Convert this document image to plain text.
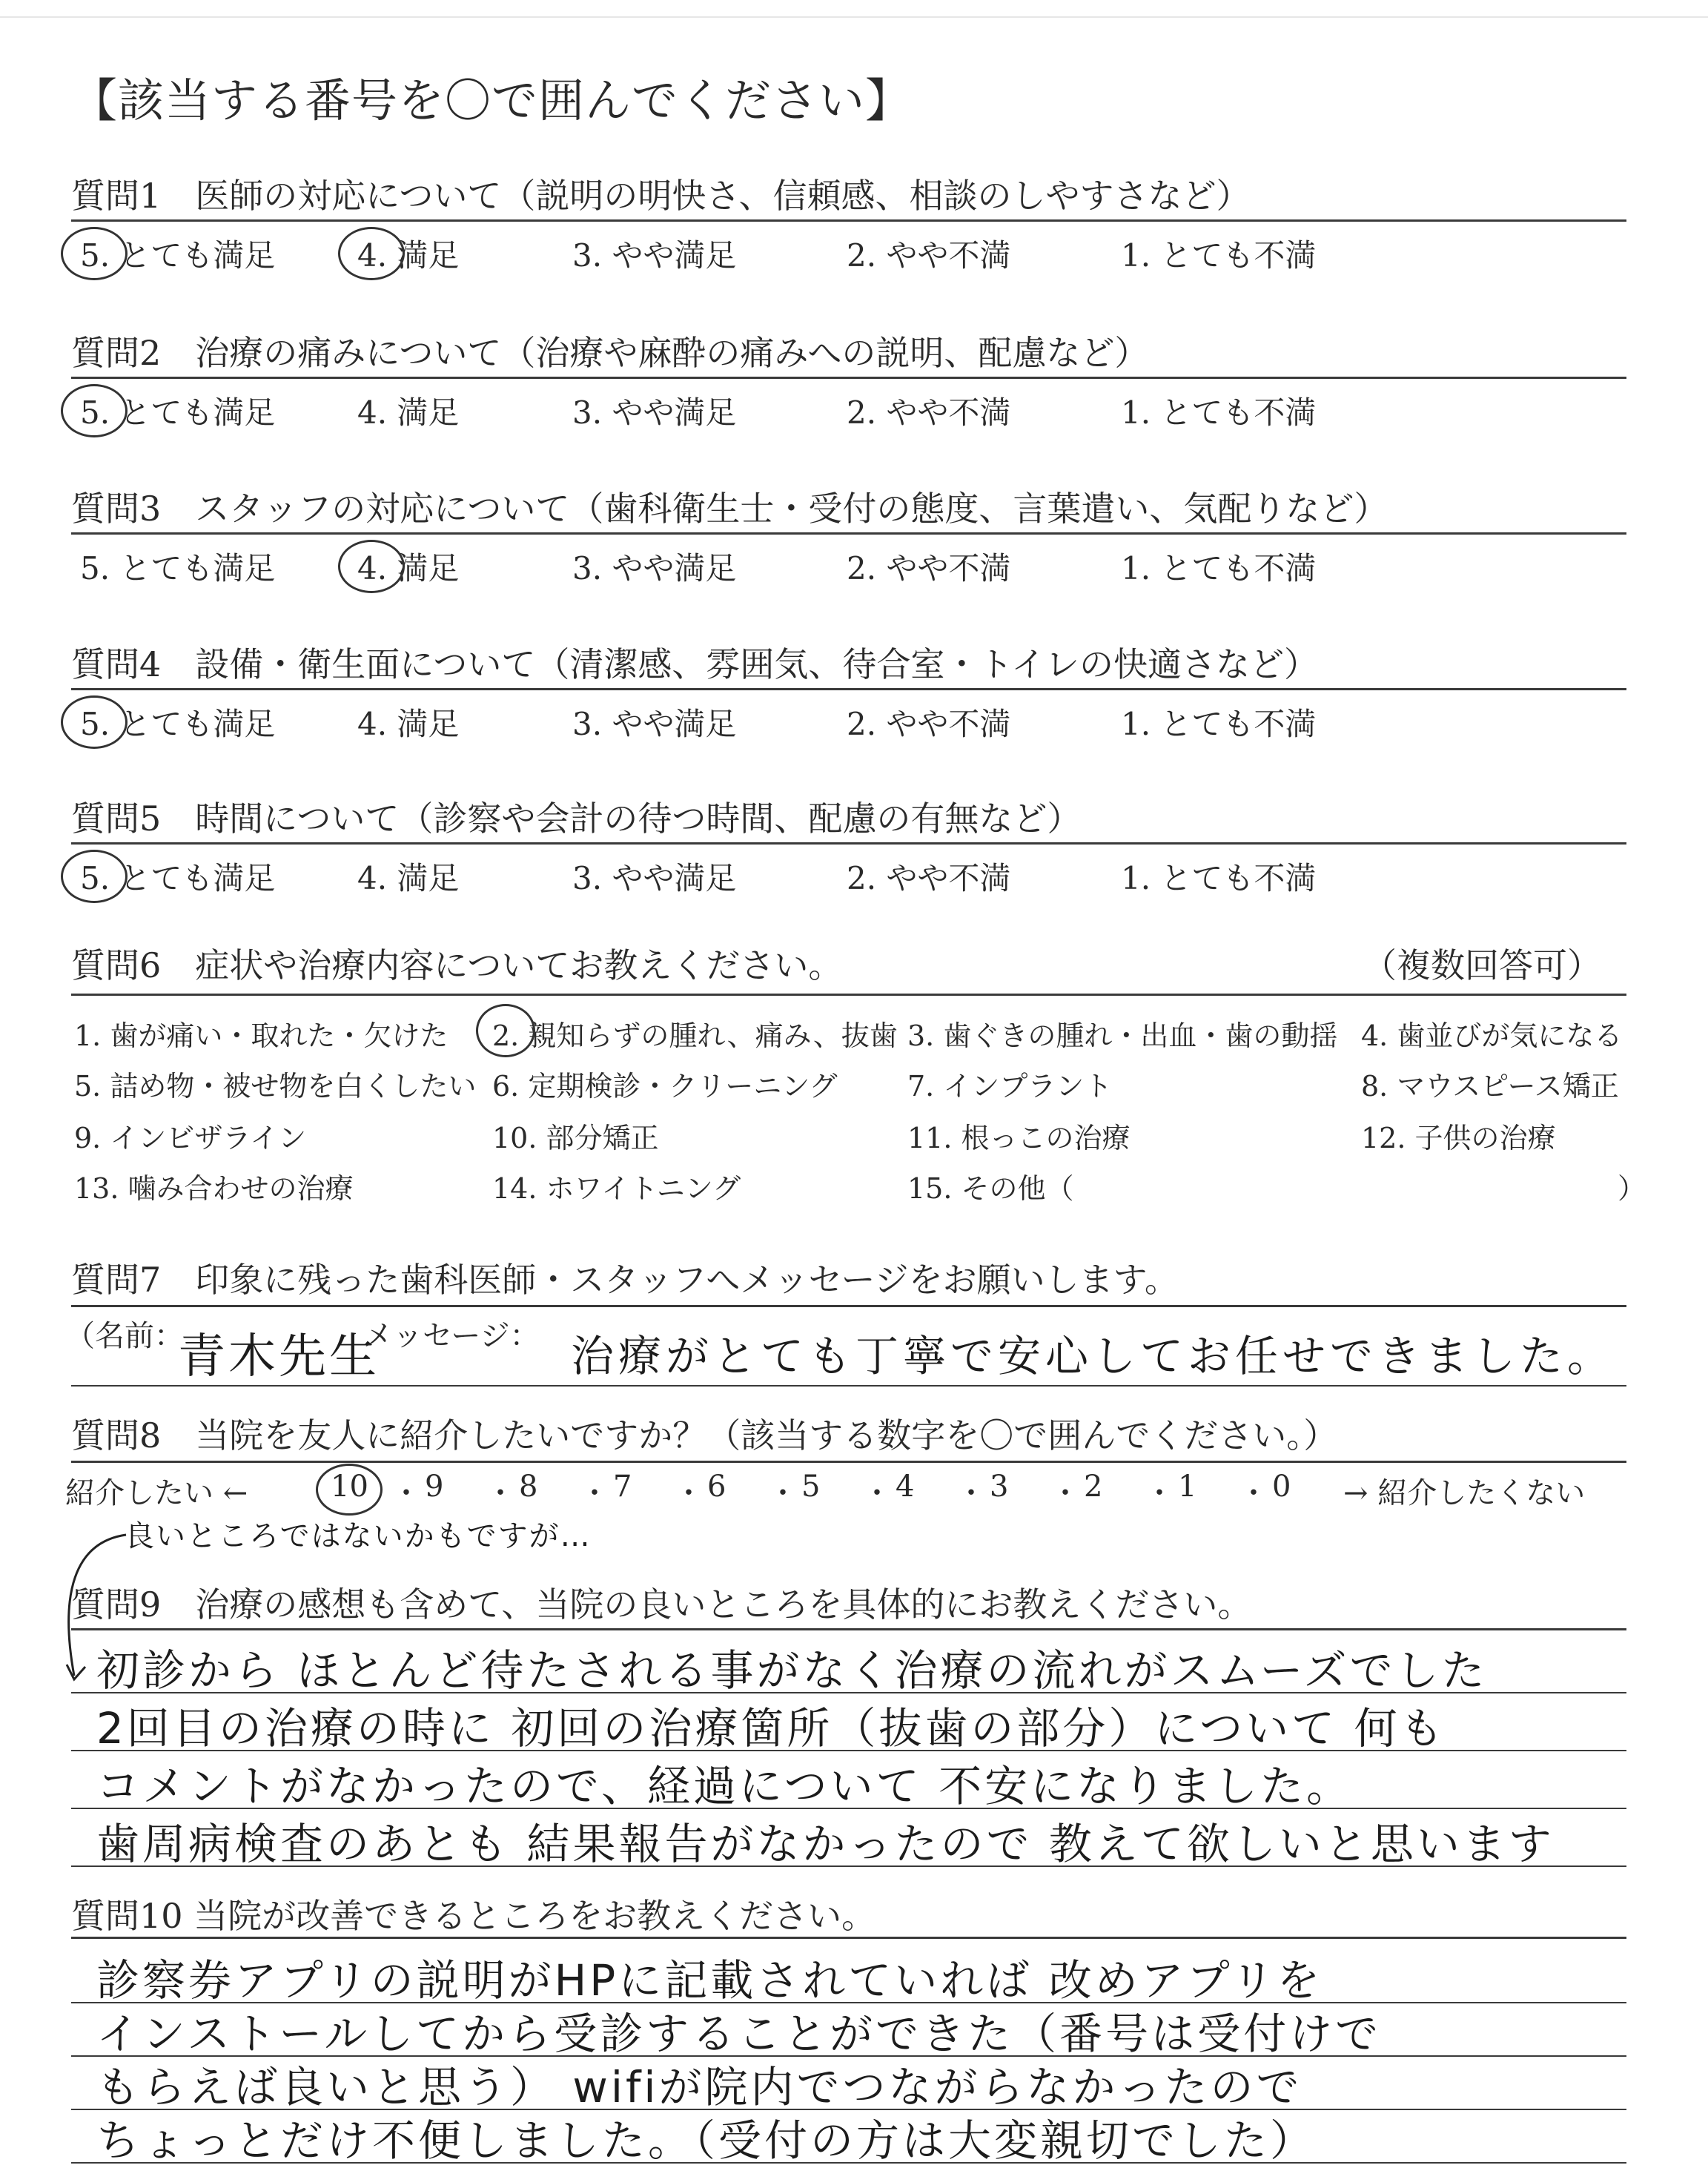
【該当する番号を〇で囲んでください】
質問1　医師の対応について（説明の明快さ、信頼感、相談のしやすさなど）
5. とても満足	4. 満足	3. やや満足	2. やや不満	1. とても不満
質問2　治療の痛みについて（治療や麻酔の痛みへの説明、配慮など）
5. とても満足	4. 満足	3. やや満足	2. やや不満	1. とても不満
質問3　スタッフの対応について（歯科衛生士・受付の態度、言葉遣い、気配りなど）
5. とても満足	4. 満足	3. やや満足	2. やや不満	1. とても不満
質問4　設備・衛生面について（清潔感、雰囲気、待合室・トイレの快適さなど）
5. とても満足	4. 満足	3. やや満足	2. やや不満	1. とても不満
質問5　時間について（診察や会計の待つ時間、配慮の有無など）
5. とても満足	4. 満足	3. やや満足	2. やや不満	1. とても不満
質問6　症状や治療内容についてお教えください。	（複数回答可）
1. 歯が痛い・取れた・欠けた 2. 親知らずの腫れ、痛み、抜歯 3. 歯ぐきの腫れ・出血・歯の動揺 4. 歯並びが気になる
5. 詰め物・被せ物を白くしたい 6. 定期検診・クリーニング 7. インプラント	8. マウスピース矯正
9. インビザライン	10. 部分矯正	11. 根っこの治療	12. 子供の治療
13. 噛み合わせの治療	14. ホワイトニング	15. その他（	）
質問7　印象に残った歯科医師・スタッフへメッセージをお願いします。
（名前：
青木先生
メッセージ： 治療がとても丁寧で安心してお任せできました。
質問8　当院を友人に紹介したいですか？（該当する数字を〇で囲んでください。）
紹介したい ←	10 ・ 9 ・ 8 ・ 7 ・ 6 ・ 5 ・ 4 ・ 3 ・ 2 ・ 1 ・ 0 → 紹介したくない
良いところではないかもですが…
質問9　治療の感想も含めて、当院の良いところを具体的にお教えください。
初診から ほとんど待たされる事がなく治療の流れがスムーズでした
2回目の治療の時に 初回の治療箇所（抜歯の部分）について 何も
コメントがなかったので、経過について 不安になりました。
歯周病検査のあとも 結果報告がなかったので 教えて欲しいと思います
質問10 当院が改善できるところをお教えください。
診察券アプリの説明がHPに記載されていれば 改めアプリを
インストールしてから受診することができた（番号は受付けで
もらえば良いと思う） wifiが院内でつながらなかったので
ちょっとだけ不便しました。（受付の方は大変親切でした）
